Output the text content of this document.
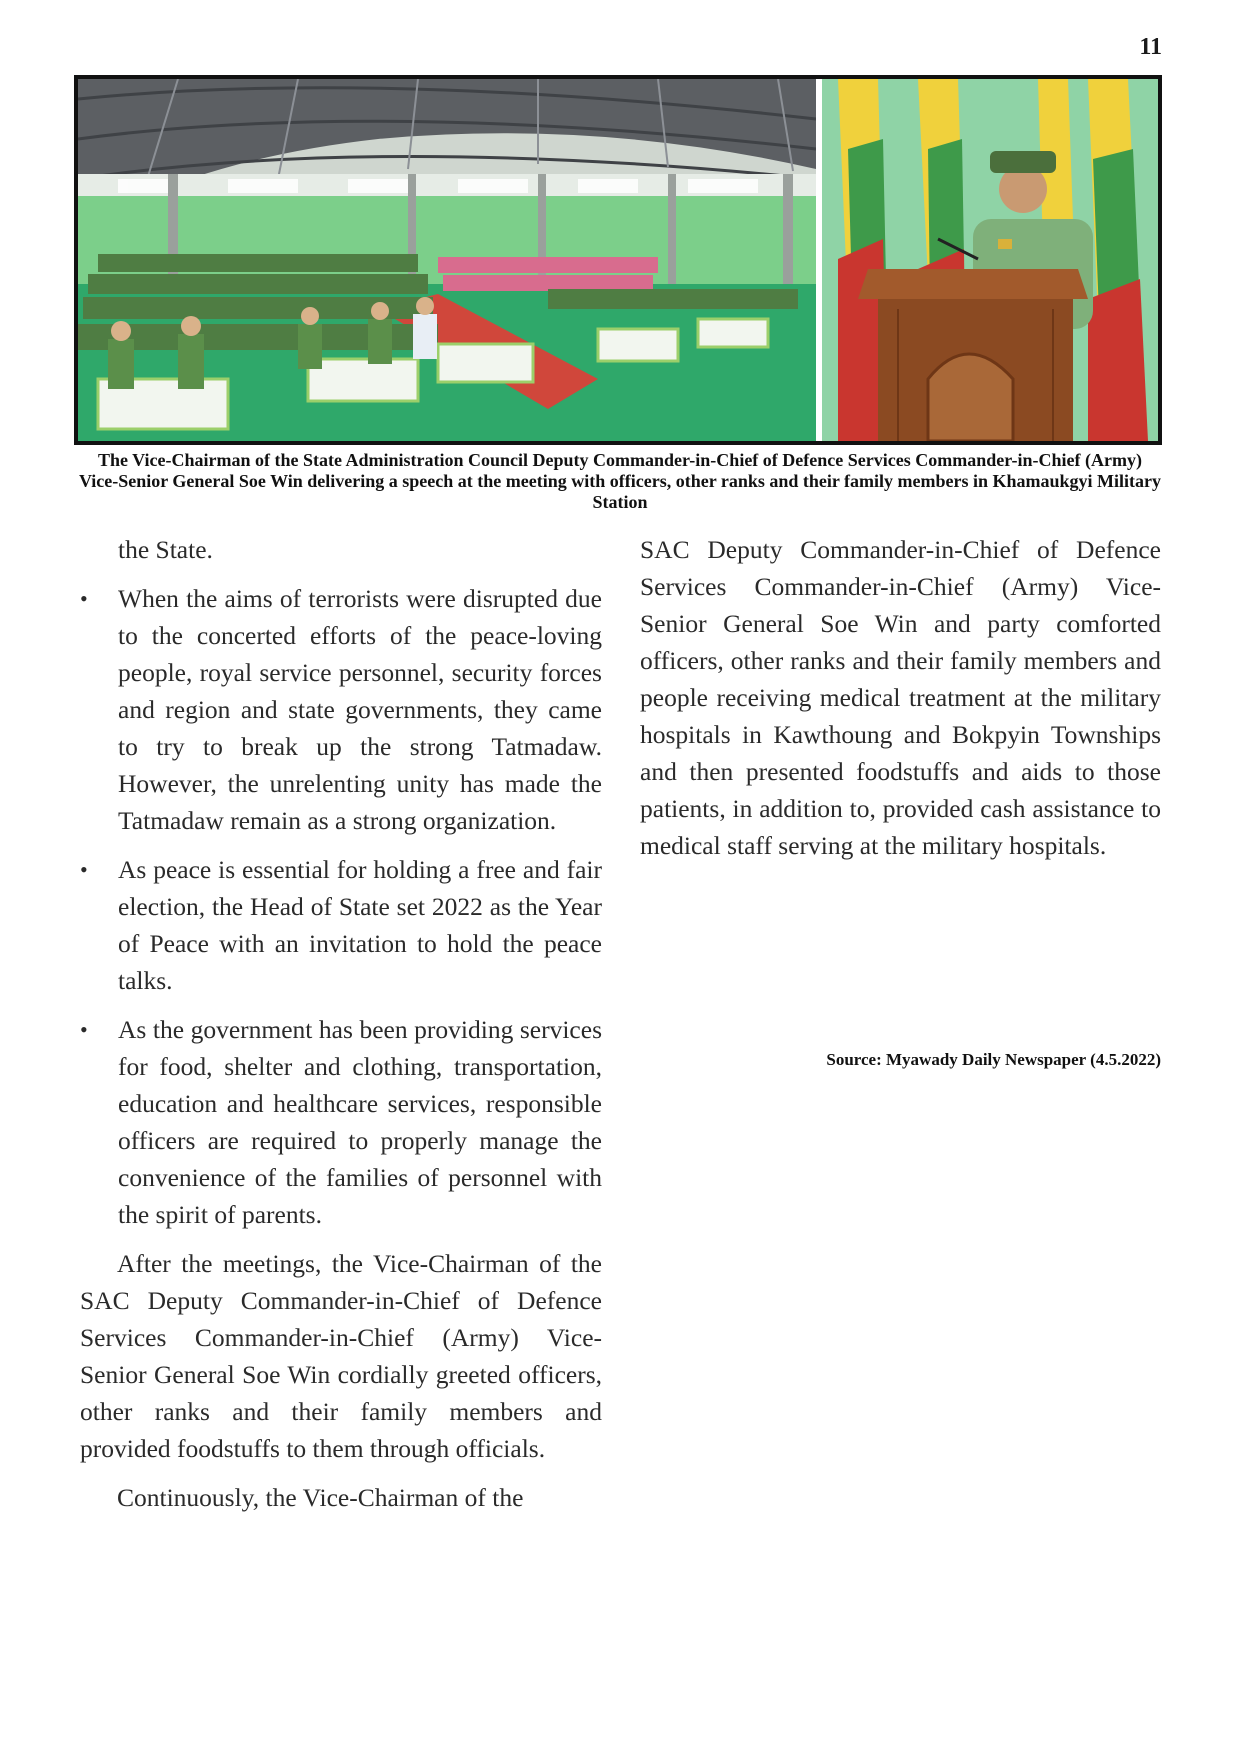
11
The Vice-Chairman of the State Administration Council Deputy Commander-in-Chief of Defence Services Commander-in-Chief (Army) Vice-Senior General Soe Win delivering a speech at the meeting with officers, other ranks and their family members in Khamaukgyi Military Station

the State.

•	When the aims of terrorists were disrupted due to the concerted efforts of the peace-loving people, royal service personnel, security forces and region and state governments, they came to try to break up the strong Tatmadaw. However, the unrelenting unity has made the Tatmadaw remain as a strong organization.
•	As peace is essential for holding a free and fair election, the Head of State set 2022 as the Year of Peace with an invitation to hold the peace talks.
•	As the government has been providing services for food, shelter and clothing, transportation, education and healthcare services, responsible officers are required to properly manage the convenience of the families of personnel with the spirit of parents.

After the meetings, the Vice-Chairman of the SAC Deputy Commander-in-Chief of Defence Services Commander-in-Chief (Army) Vice-Senior General Soe Win cordially greeted officers, other ranks and their family members and provided foodstuffs to them through officials.

Continuously, the Vice-Chairman of the

SAC Deputy Commander-in-Chief of Defence Services Commander-in-Chief (Army) Vice-Senior General Soe Win and party comforted officers, other ranks and their family members and people receiving medical treatment at the military hospitals in Kawthoung and Bokpyin Townships and then presented foodstuffs and aids to those patients, in addition to, provided cash assistance to medical staff serving at the military hospitals.

Source: Myawady Daily Newspaper (4.5.2022)
